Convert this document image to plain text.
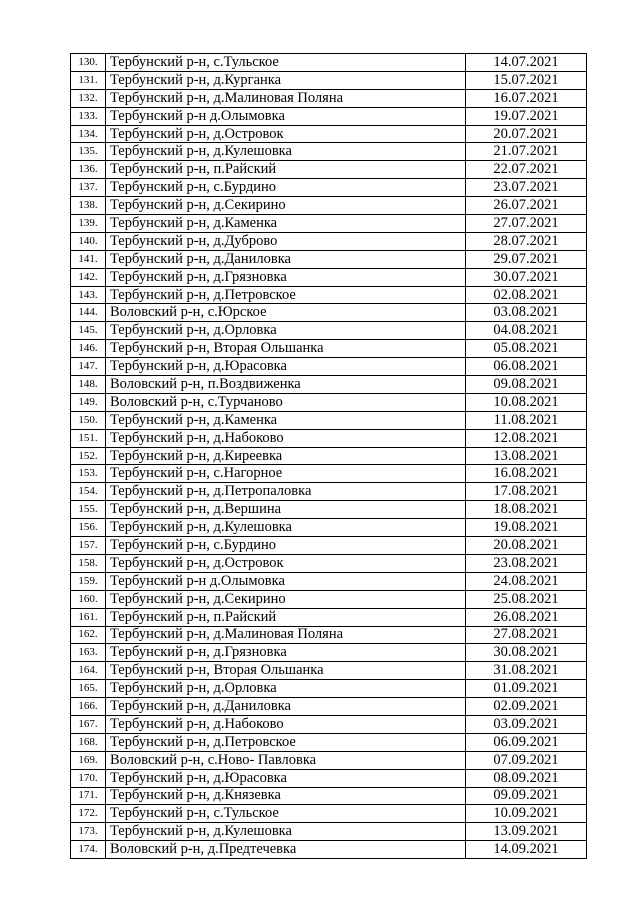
130.	Тербунский р-н, с.Тульское	14.07.2021
131.	Тербунский р-н, д.Курганка	15.07.2021
132.	Тербунский р-н, д.Малиновая Поляна	16.07.2021
133.	Тербунский р-н д.Олымовка	19.07.2021
134.	Тербунский р-н, д.Островок	20.07.2021
135.	Тербунский р-н, д.Кулешовка	21.07.2021
136.	Тербунский р-н, п.Райский	22.07.2021
137.	Тербунский р-н, с.Бурдино	23.07.2021
138.	Тербунский р-н, д.Секирино	26.07.2021
139.	Тербунский р-н, д.Каменка	27.07.2021
140.	Тербунский р-н, д.Дуброво	28.07.2021
141.	Тербунский р-н, д.Даниловка	29.07.2021
142.	Тербунский р-н, д.Грязновка	30.07.2021
143.	Тербунский р-н, д.Петровское	02.08.2021
144.	Воловский р-н, с.Юрское	03.08.2021
145.	Тербунский р-н, д.Орловка	04.08.2021
146.	Тербунский р-н, Вторая Ольшанка	05.08.2021
147.	Тербунский р-н, д.Юрасовка	06.08.2021
148.	Воловский р-н, п.Воздвиженка	09.08.2021
149.	Воловский р-н, с.Турчаново	10.08.2021
150.	Тербунский р-н, д.Каменка	11.08.2021
151.	Тербунский р-н, д.Набоково	12.08.2021
152.	Тербунский р-н, д.Киреевка	13.08.2021
153.	Тербунский р-н, с.Нагорное	16.08.2021
154.	Тербунский р-н, д.Петропаловка	17.08.2021
155.	Тербунский р-н, д.Вершина	18.08.2021
156.	Тербунский р-н, д.Кулешовка	19.08.2021
157.	Тербунский р-н, с.Бурдино	20.08.2021
158.	Тербунский р-н, д.Островок	23.08.2021
159.	Тербунский р-н д.Олымовка	24.08.2021
160.	Тербунский р-н, д.Секирино	25.08.2021
161.	Тербунский р-н, п.Райский	26.08.2021
162.	Тербунский р-н, д.Малиновая Поляна	27.08.2021
163.	Тербунский р-н, д.Грязновка	30.08.2021
164.	Тербунский р-н, Вторая Ольшанка	31.08.2021
165.	Тербунский р-н, д.Орловка	01.09.2021
166.	Тербунский р-н, д.Даниловка	02.09.2021
167.	Тербунский р-н, д.Набоково	03.09.2021
168.	Тербунский р-н, д.Петровское	06.09.2021
169.	Воловский р-н, с.Ново- Павловка	07.09.2021
170.	Тербунский р-н, д.Юрасовка	08.09.2021
171.	Тербунский р-н, д.Князевка	09.09.2021
172.	Тербунский р-н, с.Тульское	10.09.2021
173.	Тербунский р-н, д.Кулешовка	13.09.2021
174.	Воловский р-н, д.Предтечевка	14.09.2021
